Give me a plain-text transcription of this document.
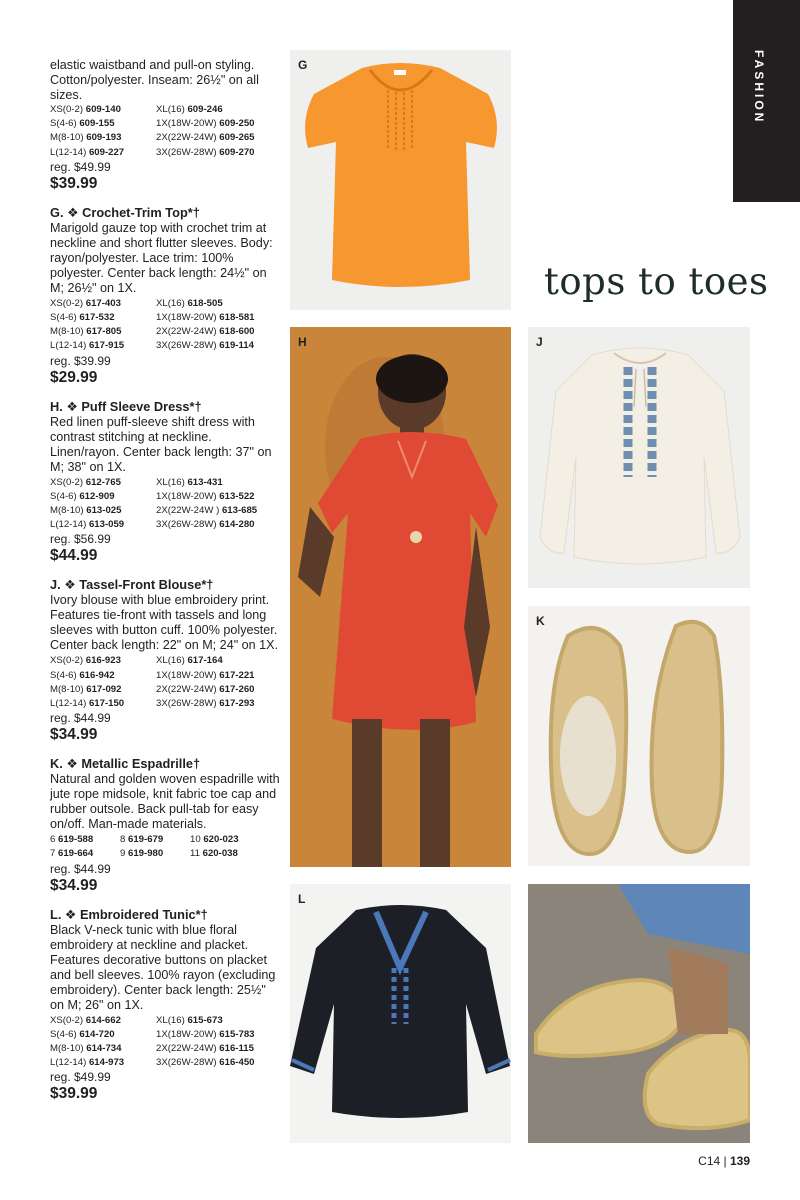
elastic waistband and pull-on styling. Cotton/polyester. Inseam: 26½" on all sizes.

XS(0-2) 609-140	XL(16) 609-246
S(4-6) 609-155	1X(18W-20W) 609-250
M(8-10) 609-193	2X(22W-24W) 609-265
L(12-14) 609-227	3X(26W-28W) 609-270
reg. $49.99
$39.99

G. ❖ Crochet-Trim Top*†

Marigold gauze top with crochet trim at neckline and short flutter sleeves. Body: rayon/polyester. Lace trim: 100% polyester. Center back length: 24½" on M; 26½" on 1X.

XS(0-2) 617-403	XL(16) 618-505
S(4-6) 617-532	1X(18W-20W) 618-581
M(8-10) 617-805	2X(22W-24W) 618-600
L(12-14) 617-915	3X(26W-28W) 619-114
reg. $39.99
$29.99

H. ❖ Puff Sleeve Dress*†

Red linen puff-sleeve shift dress with contrast stitching at neckline. Linen/rayon. Center back length: 37" on M; 38" on 1X.

XS(0-2) 612-765	XL(16) 613-431
S(4-6) 612-909	1X(18W-20W) 613-522
M(8-10) 613-025	2X(22W-24W ) 613-685
L(12-14) 613-059	3X(26W-28W) 614-280
reg. $56.99
$44.99

J. ❖ Tassel-Front Blouse*†

Ivory blouse with blue embroidery print. Features tie-front with tassels and long sleeves with button cuff. 100% polyester. Center back length: 22" on M; 24" on 1X.

XS(0-2) 616-923	XL(16) 617-164
S(4-6) 616-942	1X(18W-20W) 617-221
M(8-10) 617-092	2X(22W-24W) 617-260
L(12-14) 617-150	3X(26W-28W) 617-293
reg. $44.99
$34.99

K. ❖ Metallic Espadrille†

Natural and golden woven espadrille with jute rope midsole, knit fabric toe cap and rubber outsole. Back pull-tab for easy on/off. Man-made materials.

6 619-588	8 619-679	10 620-023
7 619-664	9 619-980	11 620-038
reg. $44.99
$34.99

L. ❖ Embroidered Tunic*†

Black V-neck tunic with blue floral embroidery at neckline and placket. Features decorative buttons on placket and bell sleeves. 100% rayon (excluding embroidery). Center back length: 25½" on M; 26" on 1X.

XS(0-2) 614-662	XL(16) 615-673
S(4-6) 614-720	1X(18W-20W) 615-783
M(8-10) 614-734	2X(22W-24W) 616-115
L(12-14) 614-973	3X(26W-28W) 616-450
reg. $49.99
$39.99
FASHION
tops to toes
G
H	J
K
L
C14 | 139
